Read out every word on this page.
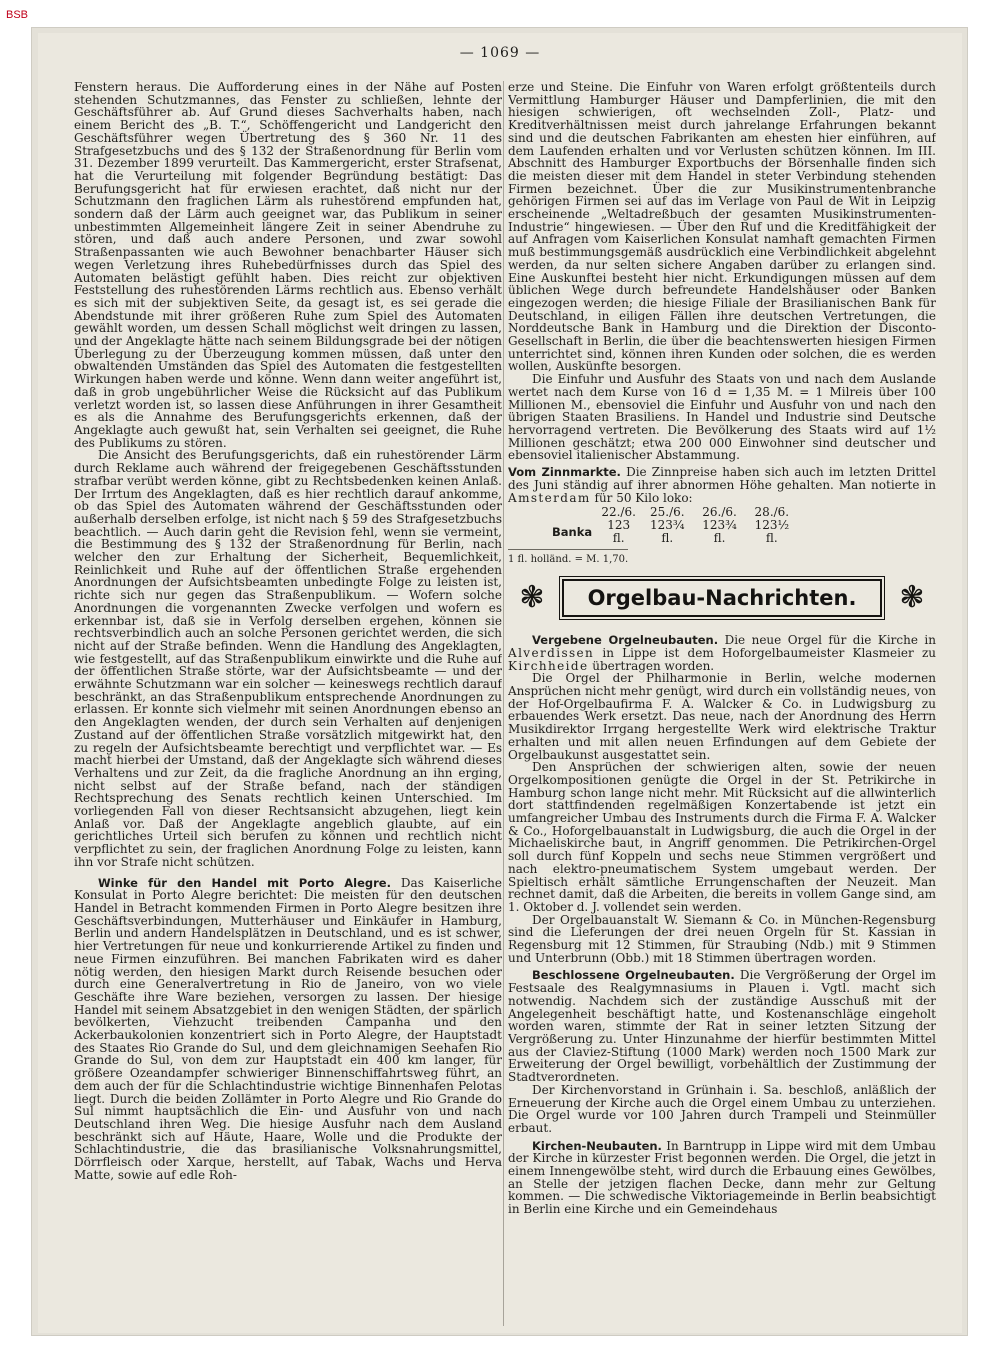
BSB
— 1069 —

Fenstern heraus. Die Aufforderung eines in der Nähe auf Posten stehenden Schutzmannes, das Fenster zu schließen, lehnte der Geschäftsführer ab. Auf Grund dieses Sachverhalts haben, nach einem Bericht des „B. T.“, Schöffengericht und Landgericht den Geschäftsführer wegen Übertretung des § 360 Nr. 11 des Strafgesetzbuchs und des § 132 der Straßenordnung für Berlin vom 31. Dezember 1899 verurteilt. Das Kammergericht, erster Strafsenat, hat die Verurteilung mit folgender Begründung bestätigt: Das Berufungsgericht hat für erwiesen erachtet, daß nicht nur der Schutzmann den fraglichen Lärm als ruhestörend empfunden hat, sondern daß der Lärm auch geeignet war, das Publikum in seiner unbestimmten Allgemeinheit längere Zeit in seiner Abendruhe zu stören, und daß auch andere Personen, und zwar sowohl Straßenpassanten wie auch Bewohner benachbarter Häuser sich wegen Verletzung ihres Ruhebedürfnisses durch das Spiel des Automaten belästigt gefühlt haben. Dies reicht zur objektiven Feststellung des ruhestörenden Lärms rechtlich aus. Ebenso verhält es sich mit der subjektiven Seite, da gesagt ist, es sei gerade die Abendstunde mit ihrer größeren Ruhe zum Spiel des Automaten gewählt worden, um dessen Schall möglichst weit dringen zu lassen, und der Angeklagte hätte nach seinem Bildungsgrade bei der nötigen Überlegung zu der Überzeugung kommen müssen, daß unter den obwaltenden Umständen das Spiel des Automaten die festgestellten Wirkungen haben werde und könne. Wenn dann weiter angeführt ist, daß in grob ungebührlicher Weise die Rücksicht auf das Publikum verletzt worden ist, so lassen diese Anführungen in ihrer Gesamtheit es als die Annahme des Berufungsgerichts erkennen, daß der Angeklagte auch gewußt hat, sein Verhalten sei geeignet, die Ruhe des Publikums zu stören.

Die Ansicht des Berufungsgerichts, daß ein ruhestörender Lärm durch Reklame auch während der freigegebenen Geschäftsstunden strafbar verübt werden könne, gibt zu Rechtsbedenken keinen Anlaß. Der Irrtum des Angeklagten, daß es hier rechtlich darauf ankomme, ob das Spiel des Automaten während der Geschäftsstunden oder außerhalb derselben erfolge, ist nicht nach § 59 des Strafgesetzbuchs beachtlich. — Auch darin geht die Revision fehl, wenn sie vermeint, die Bestimmung des § 132 der Straßenordnung für Berlin, nach welcher den zur Erhaltung der Sicherheit, Bequemlichkeit, Reinlichkeit und Ruhe auf der öffentlichen Straße ergehenden Anordnungen der Aufsichtsbeamten unbedingte Folge zu leisten ist, richte sich nur gegen das Straßenpublikum. — Wofern solche Anordnungen die vorgenannten Zwecke verfolgen und wofern es erkennbar ist, daß sie in Verfolg derselben ergehen, können sie rechtsverbindlich auch an solche Personen gerichtet werden, die sich nicht auf der Straße befinden. Wenn die Handlung des Angeklagten, wie festgestellt, auf das Straßenpublikum einwirkte und die Ruhe auf der öffentlichen Straße störte, war der Aufsichtsbeamte — und der erwähnte Schutzmann war ein solcher — keineswegs rechtlich darauf beschränkt, an das Straßenpublikum entsprechende Anordnungen zu erlassen. Er konnte sich vielmehr mit seinen Anordnungen ebenso an den Angeklagten wenden, der durch sein Verhalten auf denjenigen Zustand auf der öffentlichen Straße vorsätzlich mitgewirkt hat, den zu regeln der Aufsichtsbeamte berechtigt und verpflichtet war. — Es macht hierbei der Umstand, daß der Angeklagte sich während dieses Verhaltens und zur Zeit, da die fragliche Anordnung an ihn erging, nicht selbst auf der Straße befand, nach der ständigen Rechtsprechung des Senats rechtlich keinen Unterschied. Im vorliegenden Fall von dieser Rechtsansicht abzugehen, liegt kein Anlaß vor. Daß der Angeklagte angeblich glaubte, auf ein gerichtliches Urteil sich berufen zu können und rechtlich nicht verpflichtet zu sein, der fraglichen Anordnung Folge zu leisten, kann ihn vor Strafe nicht schützen.

Winke für den Handel mit Porto Alegre. Das Kaiserliche Konsulat in Porto Alegre berichtet: Die meisten für den deutschen Handel in Betracht kommenden Firmen in Porto Alegre besitzen ihre Geschäftsverbindungen, Mutterhäuser und Einkäufer in Hamburg, Berlin und andern Handelsplätzen in Deutschland, und es ist schwer, hier Vertretungen für neue und konkurrierende Artikel zu finden und neue Firmen einzuführen. Bei manchen Fabrikaten wird es daher nötig werden, den hiesigen Markt durch Reisende besuchen oder durch eine Generalvertretung in Rio de Janeiro, von wo viele Geschäfte ihre Ware beziehen, versorgen zu lassen. Der hiesige Handel mit seinem Absatzgebiet in den wenigen Städten, der spärlich bevölkerten, Viehzucht treibenden Campanha und den Ackerbaukolonien konzentriert sich in Porto Alegre, der Hauptstadt des Staates Rio Grande do Sul, und dem gleichnamigen Seehafen Rio Grande do Sul, von dem zur Hauptstadt ein 400 km langer, für größere Ozeandampfer schwieriger Binnenschiffahrtsweg führt, an dem auch der für die Schlachtindustrie wichtige Binnenhafen Pelotas liegt. Durch die beiden Zollämter in Porto Alegre und Rio Grande do Sul nimmt hauptsächlich die Ein- und Ausfuhr von und nach Deutschland ihren Weg. Die hiesige Ausfuhr nach dem Ausland beschränkt sich auf Häute, Haare, Wolle und die Produkte der Schlachtindustrie, die das brasilianische Volksnahrungsmittel, Dörrfleisch oder Xarque, herstellt, auf Tabak, Wachs und Herva Matte, sowie auf edle Roh-

erze und Steine. Die Einfuhr von Waren erfolgt größtenteils durch Vermittlung Hamburger Häuser und Dampferlinien, die mit den hiesigen schwierigen, oft wechselnden Zoll-, Platz- und Kreditverhältnissen meist durch jahrelange Erfahrungen bekannt sind und die deutschen Fabrikanten am ehesten hier einführen, auf dem Laufenden erhalten und vor Verlusten schützen können. Im III. Abschnitt des Hamburger Exportbuchs der Börsenhalle finden sich die meisten dieser mit dem Handel in steter Verbindung stehenden Firmen bezeichnet. Über die zur Musikinstrumentenbranche gehörigen Firmen sei auf das im Verlage von Paul de Wit in Leipzig erscheinende „Weltadreßbuch der gesamten Musikinstrumenten-Industrie“ hingewiesen. — Über den Ruf und die Kreditfähigkeit der auf Anfragen vom Kaiserlichen Konsulat namhaft gemachten Firmen muß bestimmungsgemäß ausdrücklich eine Verbindlichkeit abgelehnt werden, da nur selten sichere Angaben darüber zu erlangen sind. Eine Auskunftei besteht hier nicht. Erkundigungen müssen auf dem üblichen Wege durch befreundete Handelshäuser oder Banken eingezogen werden; die hiesige Filiale der Brasilianischen Bank für Deutschland, in eiligen Fällen ihre deutschen Vertretungen, die Norddeutsche Bank in Hamburg und die Direktion der Disconto-Gesellschaft in Berlin, die über die beachtenswerten hiesigen Firmen unterrichtet sind, können ihren Kunden oder solchen, die es werden wollen, Auskünfte besorgen.

Die Einfuhr und Ausfuhr des Staats von und nach dem Auslande wertet nach dem Kurse von 16 d = 1,35 M. = 1 Milreis über 100 Millionen M., ebensoviel die Einfuhr und Ausfuhr von und nach den übrigen Staaten Brasiliens. In Handel und Industrie sind Deutsche hervorragend vertreten. Die Bevölkerung des Staats wird auf 1½ Millionen geschätzt; etwa 200 000 Einwohner sind deutscher und ebensoviel italienischer Abstammung.

Vom Zinnmarkte. Die Zinnpreise haben sich auch im letzten Drittel des Juni ständig auf ihrer abnormen Höhe gehalten. Man notierte in Amsterdam für 50 Kilo loko:

	22./6.	25./6.	26./6.	28./6.
Banka	123 fl.	123¾ fl.	123¾ fl.	123½ fl.
1 fl. holländ. = M. 1,70.
❃	Orgelbau-Nachrichten.	❃

Vergebene Orgelneubauten. Die neue Orgel für die Kirche in Alverdissen in Lippe ist dem Hoforgelbaumeister Klasmeier zu Kirchheide übertragen worden.

Die Orgel der Philharmonie in Berlin, welche modernen Ansprüchen nicht mehr genügt, wird durch ein vollständig neues, von der Hof-Orgelbaufirma F. A. Walcker & Co. in Ludwigsburg zu erbauendes Werk ersetzt. Das neue, nach der Anordnung des Herrn Musikdirektor Irrgang hergestellte Werk wird elektrische Traktur erhalten und mit allen neuen Erfindungen auf dem Gebiete der Orgelbaukunst ausgestattet sein.

Den Ansprüchen der schwierigen alten, sowie der neuen Orgelkompositionen genügte die Orgel in der St. Petrikirche in Hamburg schon lange nicht mehr. Mit Rücksicht auf die allwinterlich dort stattfindenden regelmäßigen Konzertabende ist jetzt ein umfangreicher Umbau des Instruments durch die Firma F. A. Walcker & Co., Hoforgelbauanstalt in Ludwigsburg, die auch die Orgel in der Michaeliskirche baut, in Angriff genommen. Die Petrikirchen-Orgel soll durch fünf Koppeln und sechs neue Stimmen vergrößert und nach elektro-pneumatischem System umgebaut werden. Der Spieltisch erhält sämtliche Errungenschaften der Neuzeit. Man rechnet damit, daß die Arbeiten, die bereits in vollem Gange sind, am 1. Oktober d. J. vollendet sein werden.

Der Orgelbauanstalt W. Siemann & Co. in München-Regensburg sind die Lieferungen der drei neuen Orgeln für St. Kassian in Regensburg mit 12 Stimmen, für Straubing (Ndb.) mit 9 Stimmen und Unterbrunn (Obb.) mit 18 Stimmen übertragen worden.

Beschlossene Orgelneubauten. Die Vergrößerung der Orgel im Festsaale des Realgymnasiums in Plauen i. Vgtl. macht sich notwendig. Nachdem sich der zuständige Ausschuß mit der Angelegenheit beschäftigt hatte, und Kostenanschläge eingeholt worden waren, stimmte der Rat in seiner letzten Sitzung der Vergrößerung zu. Unter Hinzunahme der hierfür bestimmten Mittel aus der Claviez-Stiftung (1000 Mark) werden noch 1500 Mark zur Erweiterung der Orgel bewilligt, vorbehältlich der Zustimmung der Stadtverordneten.

Der Kirchenvorstand in Grünhain i. Sa. beschloß, anläßlich der Erneuerung der Kirche auch die Orgel einem Umbau zu unterziehen. Die Orgel wurde vor 100 Jahren durch Trampeli und Steinmüller erbaut.

Kirchen-Neubauten. In Barntrupp in Lippe wird mit dem Umbau der Kirche in kürzester Frist begonnen werden. Die Orgel, die jetzt in einem Innengewölbe steht, wird durch die Erbauung eines Gewölbes, an Stelle der jetzigen flachen Decke, dann mehr zur Geltung kommen. — Die schwedische Viktoriagemeinde in Berlin beabsichtigt in Berlin eine Kirche und ein Gemeindehaus
